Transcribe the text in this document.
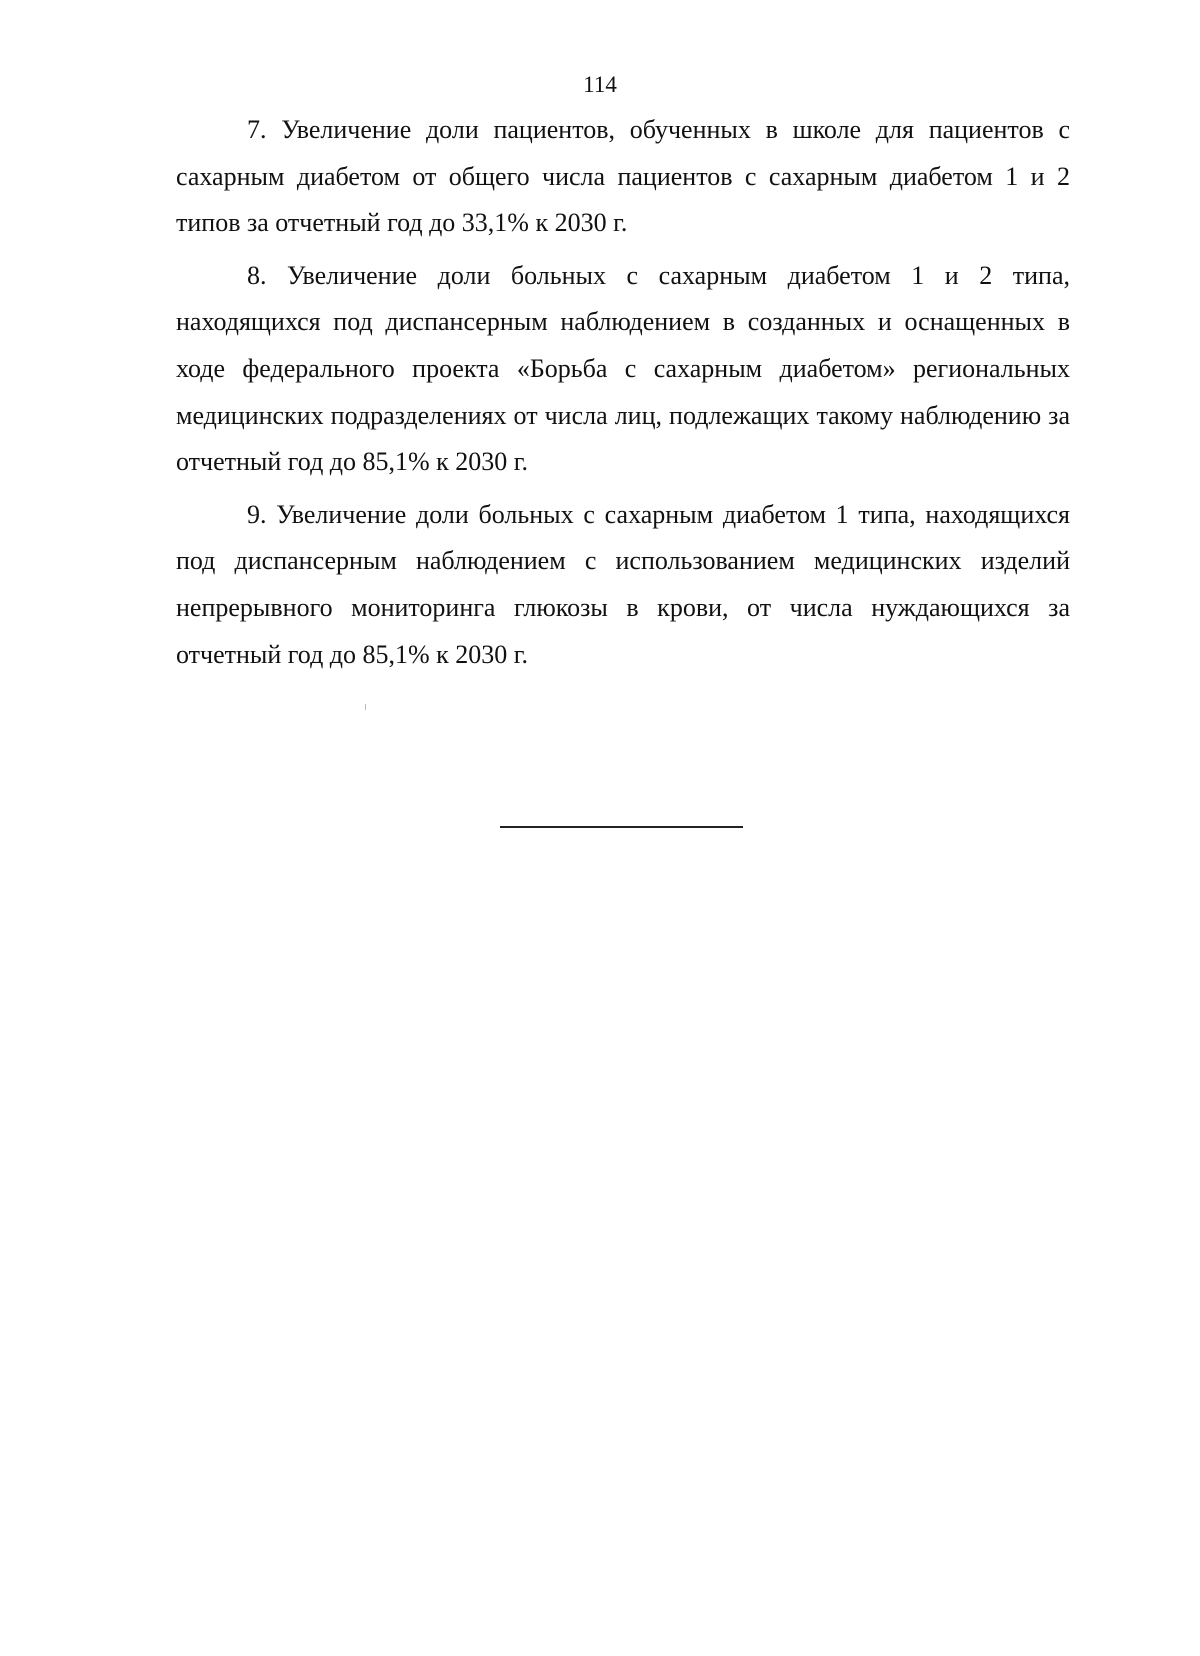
114

7. Увеличение доли пациентов, обученных в школе для пациентов с сахарным диабетом от общего числа пациентов с сахарным диабетом 1 и 2 типов за отчетный год до 33,1% к 2030 г.

8. Увеличение доли больных с сахарным диабетом 1 и 2 типа, находящихся под диспансерным наблюдением в созданных и оснащенных в ходе федерального проекта «Борьба с сахарным диабетом» региональных медицинских подразделениях от числа лиц, подлежащих такому наблюдению за отчетный год до 85,1% к 2030 г.

9. Увеличение доли больных с сахарным диабетом 1 типа, находящихся под диспансерным наблюдением с использованием медицинских изделий непрерывного мониторинга глюкозы в крови, от числа нуждающихся за отчетный год до 85,1% к 2030 г.
